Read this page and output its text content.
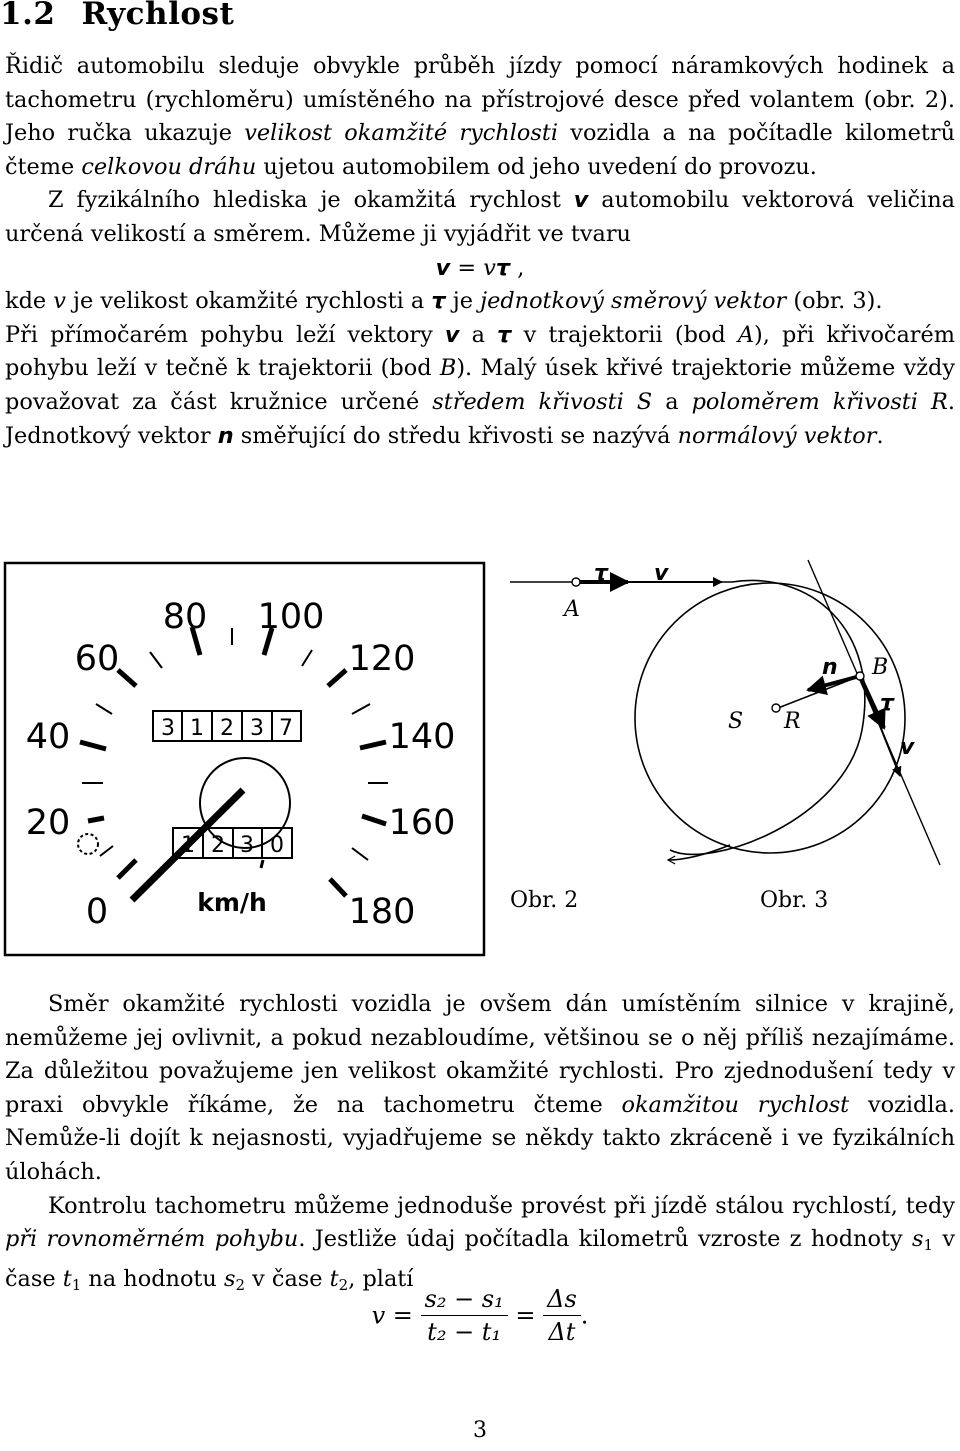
1.2 Rychlost

Řidič automobilu sleduje obvykle průběh jízdy pomocí náramkových hodinek a tachometru (rychloměru) umístěného na přístrojové desce před volantem (obr. 2). Jeho ručka ukazuje velikost okamžité rychlosti vozidla a na počítadle kilometrů čteme celkovou dráhu ujetou automobilem od jeho uvedení do provozu.

Z fyzikálního hlediska je okamžitá rychlost v automobilu vektorová veličina určená velikostí a směrem. Můžeme ji vyjádřit ve tvaru

v = vτ ,

kde v je velikost okamžité rychlosti a τ je jednotkový směrový vektor (obr. 3).

Při přímočarém pohybu leží vektory v a τ v trajektorii (bod A), při křivočarém pohybu leží v tečně k trajektorii (bod B). Malý úsek křivé trajektorie můžeme vždy považovat za část kružnice určené středem křivosti S a poloměrem křivosti R. Jednotkový vektor n směřující do středu křivosti se nazývá normálový vektor.

3 1 2 3 7
1 2 3 0
0
20
40
60
80 100
120
140
160
180
km/h
τ v
A
n B
S R
τ
v
Obr. 2	Obr. 3

Směr okamžité rychlosti vozidla je ovšem dán umístěním silnice v krajině, nemůžeme jej ovlivnit, a pokud nezabloudíme, většinou se o něj příliš nezajímáme. Za důležitou považujeme jen velikost okamžité rychlosti. Pro zjednodušení tedy v praxi obvykle říkáme, že na tachometru čteme okamžitou rychlost vozidla. Nemůže-li dojít k nejasnosti, vyjadřujeme se někdy takto zkráceně i ve fyzikálních úlohách.

Kontrolu tachometru můžeme jednoduše provést při jízdě stálou rychlostí, tedy při rovnoměrném pohybu. Jestliže údaj počítadla kilometrů vzroste z hodnoty $s_1$ v čase $t_1$ na hodnotu $s_2$ v čase $t_2$, platí

$v = \frac{\text{s₂ − s₁}}{\text{t₂ − t₁}} = \frac{\Delta s}{\Delta t}$ .
3
